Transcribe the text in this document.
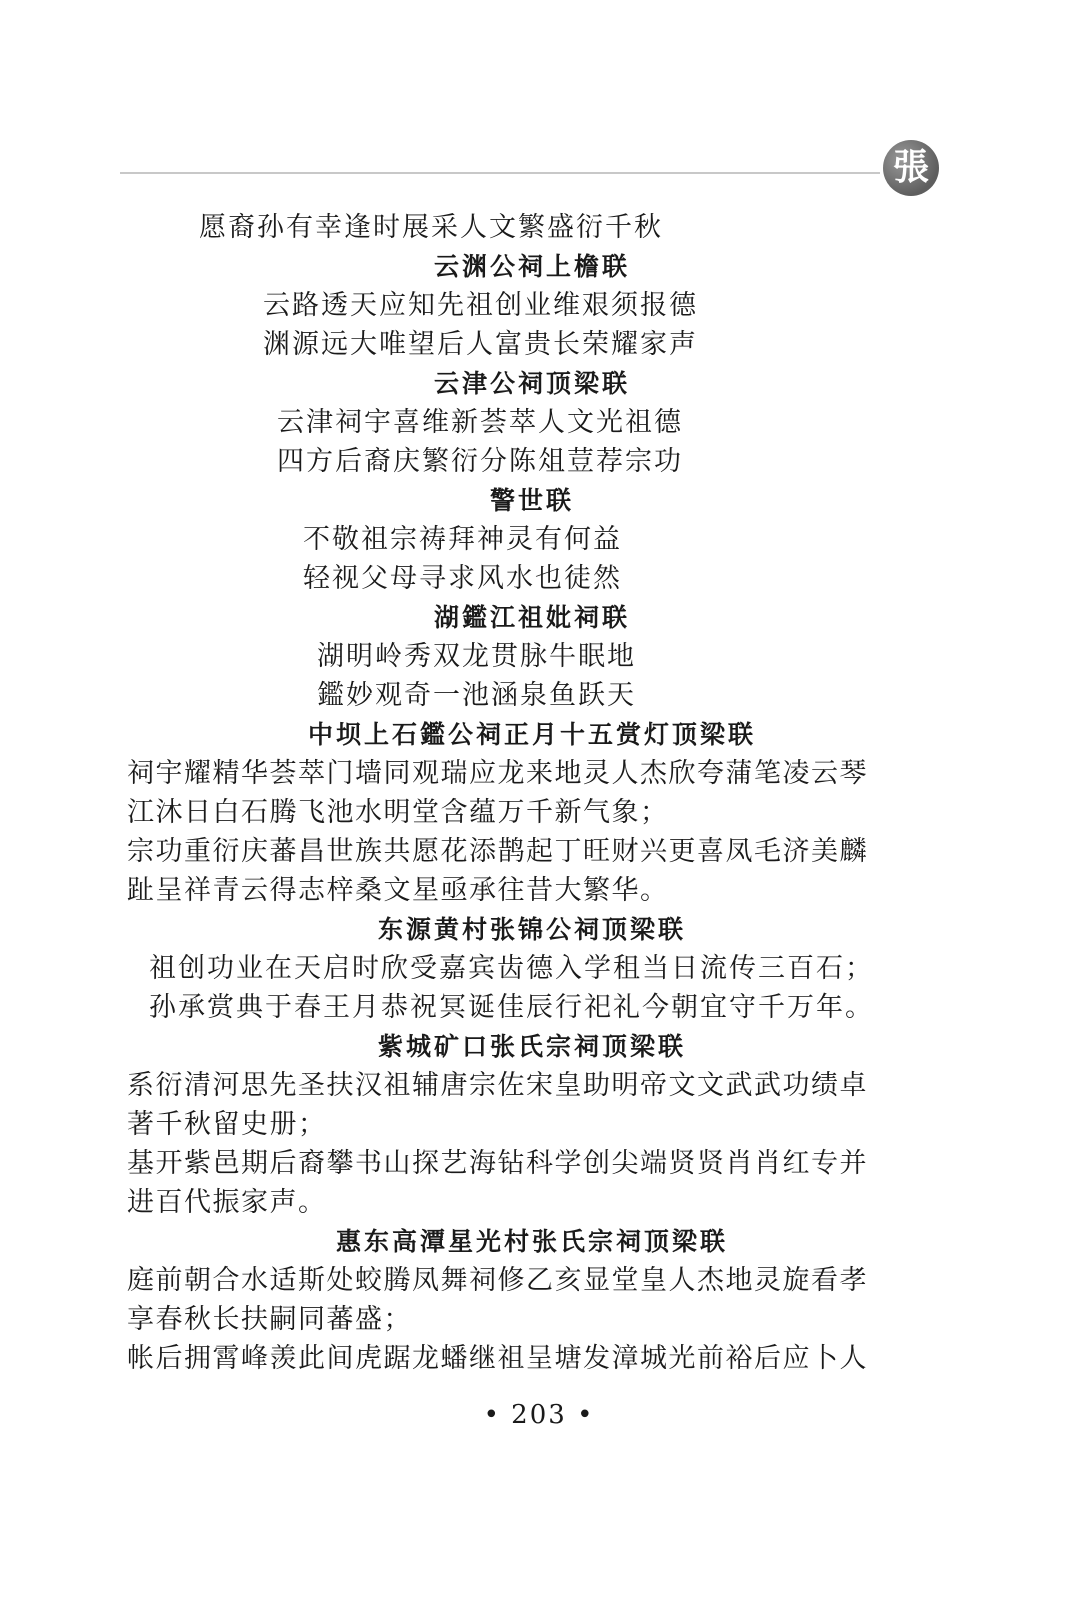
張
愿裔孙有幸逢时展采人文繁盛衍千秋
云渊公祠上檐联
云路透天应知先祖创业维艰须报德
渊源远大唯望后人富贵长荣耀家声
云津公祠顶梁联
云津祠宇喜维新荟萃人文光祖德
四方后裔庆繁衍分陈俎荳荐宗功
警世联
不敬祖宗祷拜神灵有何益
轻视父母寻求风水也徒然
湖鑑江祖妣祠联
湖明岭秀双龙贯脉牛眠地
鑑妙观奇一池涵泉鱼跃天
中坝上石鑑公祠正月十五赏灯顶梁联
祠宇耀精华荟萃门墙同观瑞应龙来地灵人杰欣夸蒲笔凌云琴
江沐日白石腾飞池水明堂含蕴万千新气象；
宗功重衍庆蕃昌世族共愿花添鹊起丁旺财兴更喜凤毛济美麟
趾呈祥青云得志梓桑文星亟承往昔大繁华。
东源黄村张锦公祠顶梁联
祖创功业在天启时欣受嘉宾齿德入学租当日流传三百石；
孙承赏典于春王月恭祝冥诞佳辰行祀礼今朝宜守千万年。
紫城矿口张氏宗祠顶梁联
系衍清河思先圣扶汉祖辅唐宗佐宋皇助明帝文文武武功绩卓
著千秋留史册；
基开紫邑期后裔攀书山探艺海钻科学创尖端贤贤肖肖红专并
进百代振家声。
惠东高潭星光村张氏宗祠顶梁联
庭前朝合水适斯处蛟腾凤舞祠修乙亥显堂皇人杰地灵旋看孝
享春秋长扶嗣同蕃盛；
帐后拥霄峰羡此间虎踞龙蟠继祖呈塘发漳城光前裕后应卜人
• 203 •
